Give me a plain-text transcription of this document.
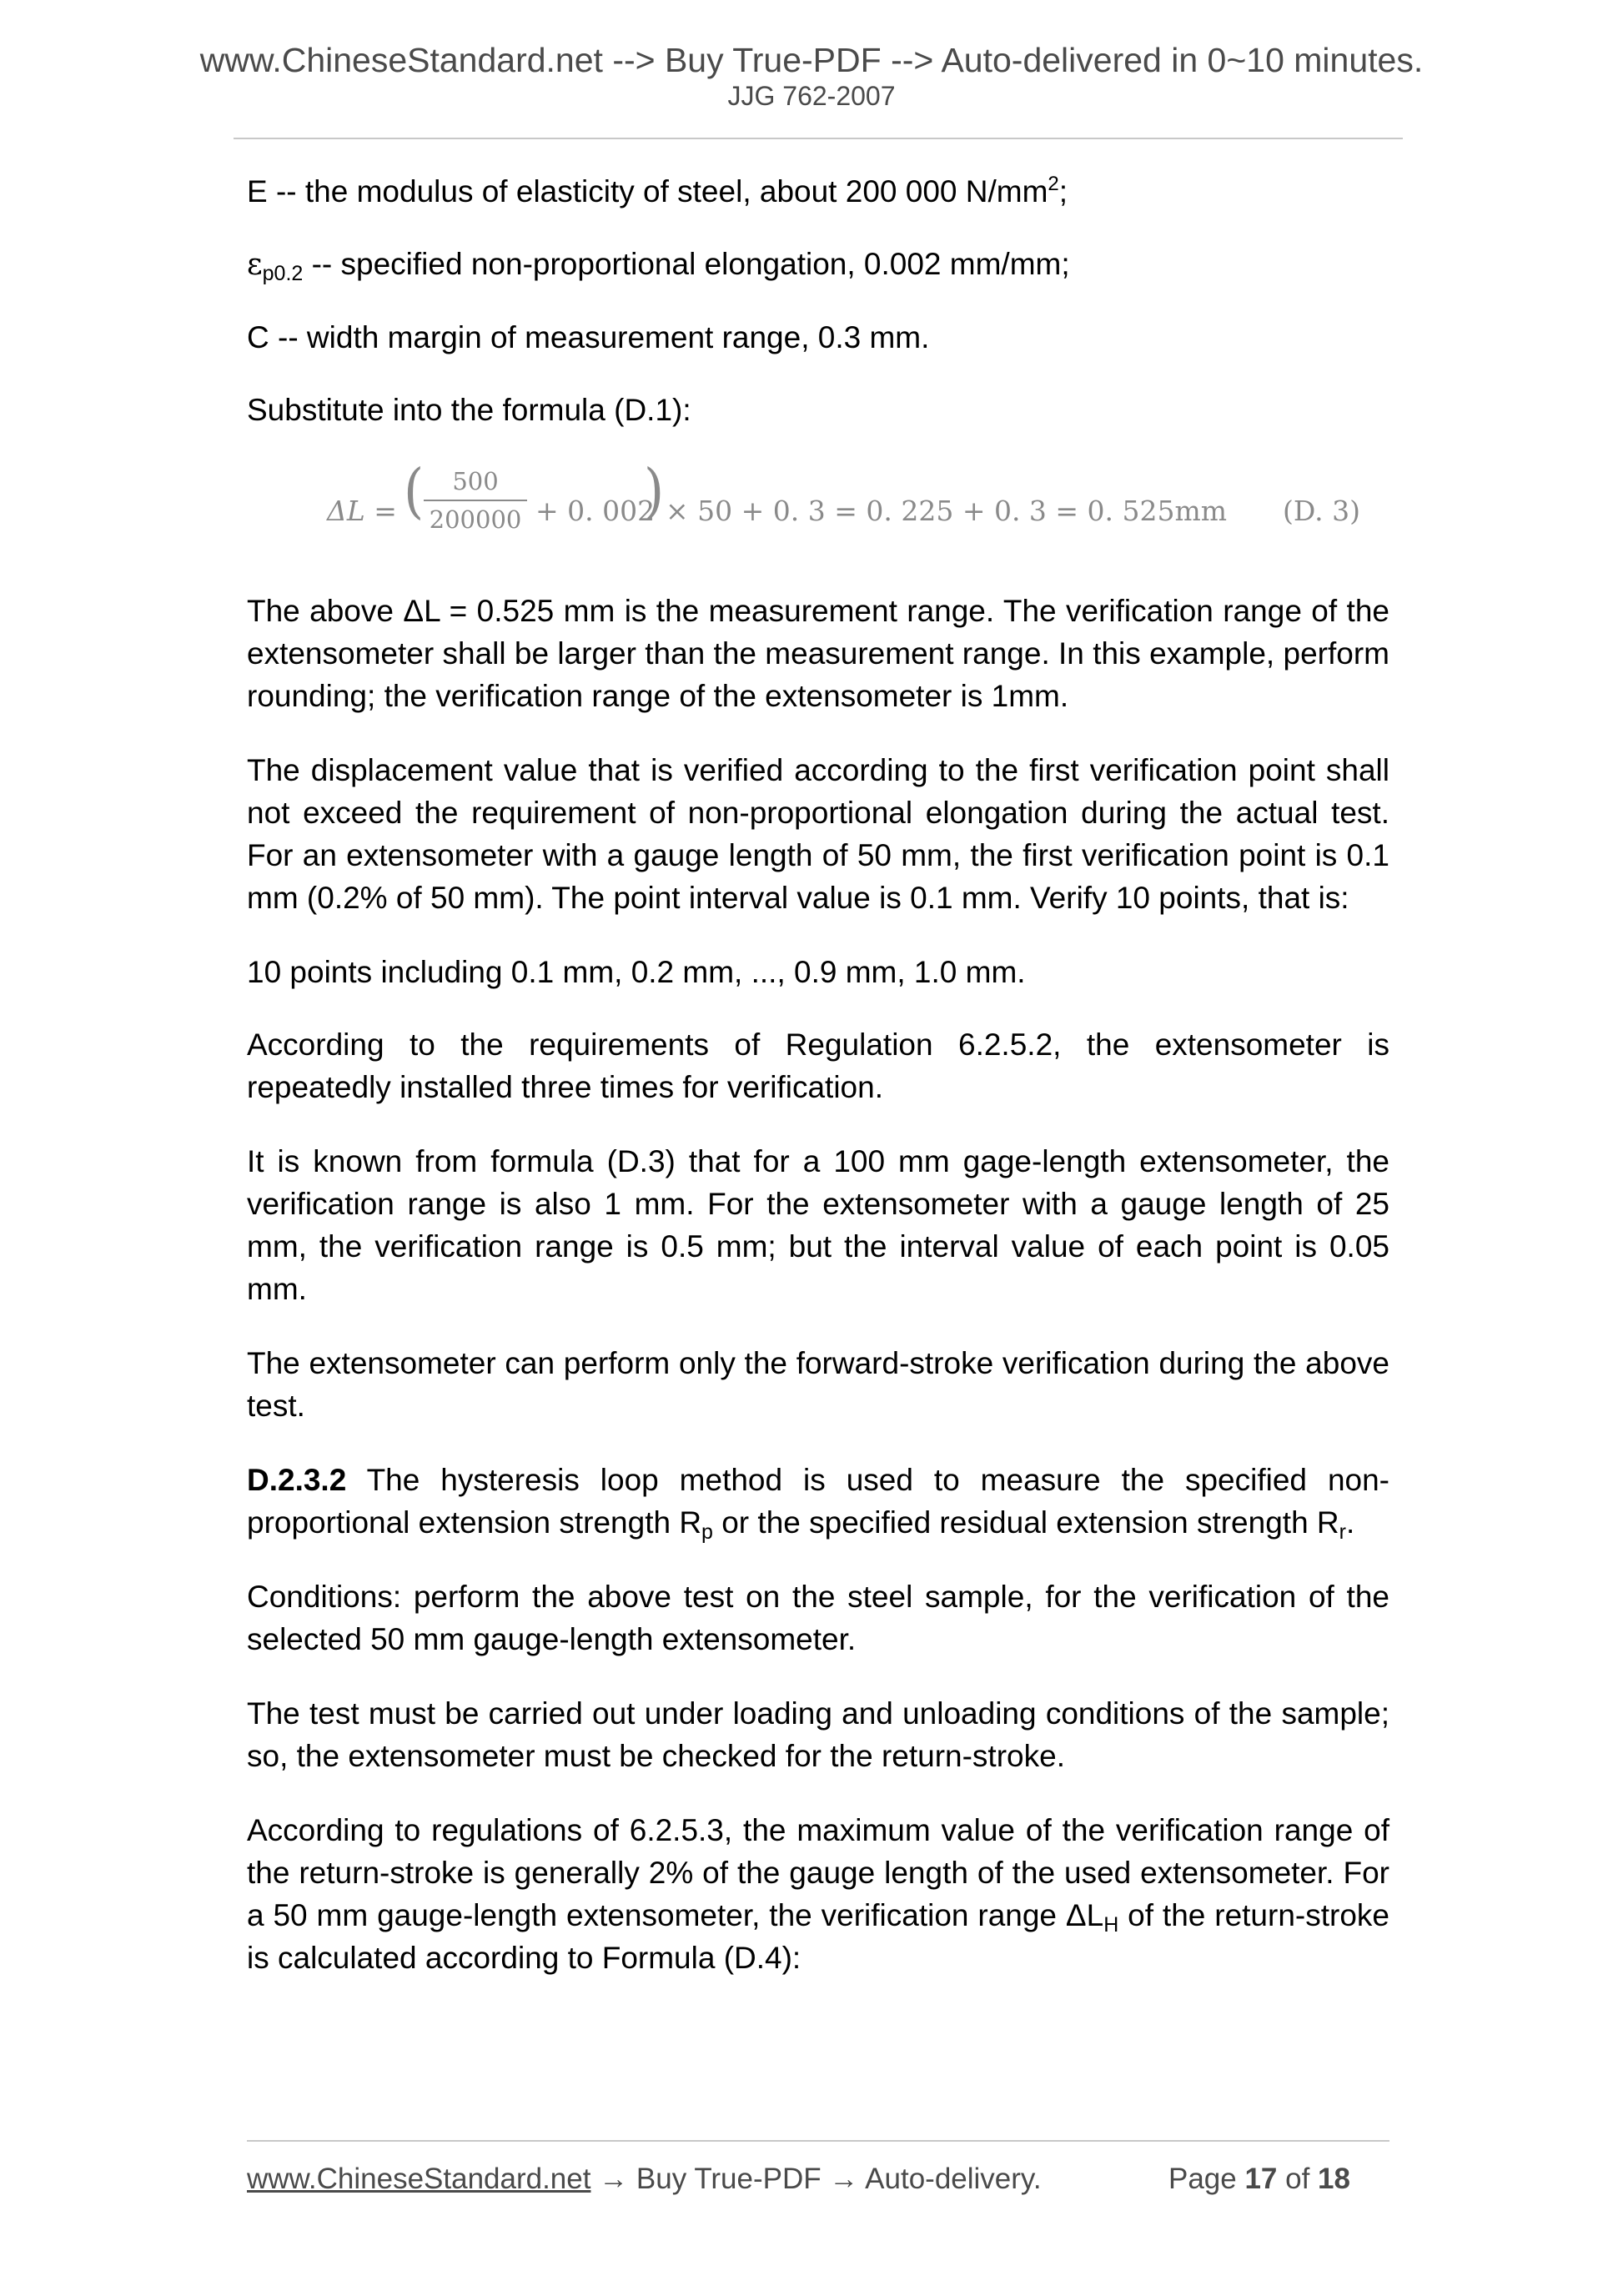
www.ChineseStandard.net --> Buy True-PDF --> Auto-delivered in 0~10 minutes.
JJG 762-2007

E -- the modulus of elasticity of steel, about 200 000 $N/mm^2$;

$\varepsilon_{p0.2}$ -- specified non-proportional elongation, 0.002 mm/mm;

C -- width margin of measurement range, 0.3 mm.

Substitute into the formula (D.1):

ΔL = (	500
200000 + 0. 002
) × 50 + 0. 3 = 0. 225 + 0. 3 = 0. 525mm (D. 3)

The above ΔL = 0.525 mm is the measurement range. The verification range of the extensometer shall be larger than the measurement range. In this example, perform rounding; the verification range of the extensometer is 1mm.

The displacement value that is verified according to the first verification point shall not exceed the requirement of non-proportional elongation during the actual test. For an extensometer with a gauge length of 50 mm, the first verification point is 0.1 mm (0.2% of 50 mm). The point interval value is 0.1 mm. Verify 10 points, that is:

10 points including 0.1 mm, 0.2 mm, ..., 0.9 mm, 1.0 mm.

According to the requirements of Regulation 6.2.5.2, the extensometer is repeatedly installed three times for verification.

It is known from formula (D.3) that for a 100 mm gage-length extensometer, the verification range is also 1 mm. For the extensometer with a gauge length of 25 mm, the verification range is 0.5 mm; but the interval value of each point is 0.05 mm.

The extensometer can perform only the forward-stroke verification during the above test.

D.2.3.2 The hysteresis loop method is used to measure the specified non-proportional extension strength $R_p$ or the specified residual extension strength $R_r$.

Conditions: perform the above test on the steel sample, for the verification of the selected 50 mm gauge-length extensometer.

The test must be carried out under loading and unloading conditions of the sample; so, the extensometer must be checked for the return-stroke.

According to regulations of 6.2.5.3, the maximum value of the verification range of the return-stroke is generally 2% of the gauge length of the used extensometer. For a 50 mm gauge-length extensometer, the verification range $\Delta L_H$ of the return-stroke is calculated according to Formula (D.4):

www.ChineseStandard.net → Buy True-PDF → Auto-delivery.	Page 17 of 18
